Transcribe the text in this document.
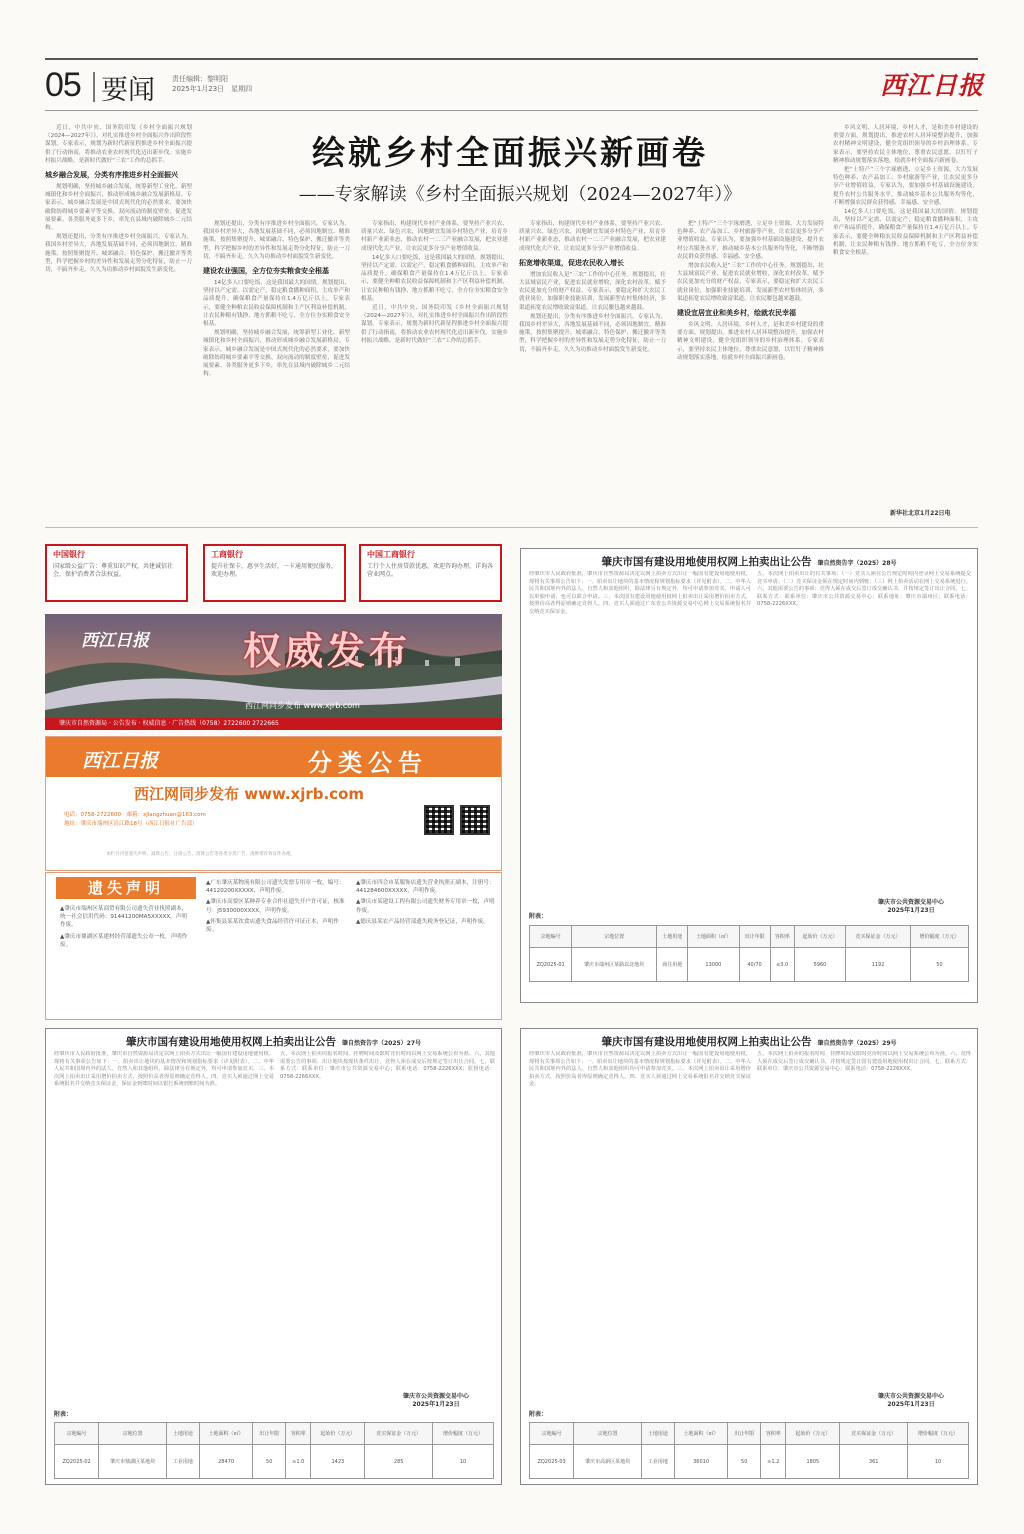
05 要闻 责任编辑：黎明阳
2025年1月23日　星期四	西江日报
绘就乡村全面振兴新画卷
——专家解读《乡村全面振兴规划（2024—2027年）》

近日，中共中央、国务院印发《乡村全面振兴规划（2024—2027年）》，对扎实推进乡村全面振兴作出阶段性谋划。专家表示，规划为新时代新征程推进乡村全面振兴提供了行动指南，将推动农业农村现代化迈出新步伐。实施乡村振兴战略，是新时代做好“三农”工作的总抓手。

城乡融合发展，分类有序推进乡村全面振兴

规划明确，坚持城乡融合发展，统筹新型工业化、新型城镇化和乡村全面振兴，推动形成城乡融合发展新格局。专家表示，城乡融合发展是中国式现代化的必然要求，要加快破除妨碍城乡要素平等交换、双向流动的制度壁垒，促进发展要素、各类服务更多下乡，率先在县域内破除城乡二元结构。

规划还提出，分类有序推进乡村全面振兴。专家认为，我国乡村差异大，各地发展基础不同，必须因地制宜、精准施策，按照集聚提升、城郊融合、特色保护、搬迁撤并等类型，科学把握乡村的差异性和发展走势分化特征，防止一刀切，不搞齐步走，久久为功推动乡村面貌发生新变化。

规划还提出，分类有序推进乡村全面振兴。专家认为，我国乡村差异大，各地发展基础不同，必须因地制宜、精准施策，按照集聚提升、城郊融合、特色保护、搬迁撤并等类型，科学把握乡村的差异性和发展走势分化特征，防止一刀切，不搞齐步走，久久为功推动乡村面貌发生新变化。

建设农业强国，全方位夯实粮食安全根基

14亿多人口要吃饭，这是我国最大的国情。规划提出，坚持以产定需、以需定产，稳定粮食播种面积，主攻单产和品质提升，确保粮食产量保持在1.4万亿斤以上。专家表示，要健全种粮农民收益保障机制和主产区利益补偿机制，让农民种粮有钱挣、地方抓粮不吃亏，全方位夯实粮食安全根基。

规划明确，坚持城乡融合发展，统筹新型工业化、新型城镇化和乡村全面振兴，推动形成城乡融合发展新格局。专家表示，城乡融合发展是中国式现代化的必然要求，要加快破除妨碍城乡要素平等交换、双向流动的制度壁垒，促进发展要素、各类服务更多下乡，率先在县域内破除城乡二元结构。

专家指出，构建现代乡村产业体系，要坚持产业兴农、质量兴农、绿色兴农，因地制宜发展乡村特色产业，培育乡村新产业新业态，推动农村一二三产业融合发展，把农业建成现代化大产业，让农民更多分享产业增值收益。

14亿多人口要吃饭，这是我国最大的国情。规划提出，坚持以产定需、以需定产，稳定粮食播种面积，主攻单产和品质提升，确保粮食产量保持在1.4万亿斤以上。专家表示，要健全种粮农民收益保障机制和主产区利益补偿机制，让农民种粮有钱挣、地方抓粮不吃亏，全方位夯实粮食安全根基。

近日，中共中央、国务院印发《乡村全面振兴规划（2024—2027年）》，对扎实推进乡村全面振兴作出阶段性谋划。专家表示，规划为新时代新征程推进乡村全面振兴提供了行动指南，将推动农业农村现代化迈出新步伐。实施乡村振兴战略，是新时代做好“三农”工作的总抓手。

专家指出，构建现代乡村产业体系，要坚持产业兴农、质量兴农、绿色兴农，因地制宜发展乡村特色产业，培育乡村新产业新业态，推动农村一二三产业融合发展，把农业建成现代化大产业，让农民更多分享产业增值收益。

拓宽增收渠道，促进农民收入增长

增加农民收入是“三农”工作的中心任务。规划提出，壮大县域富民产业，促进农民就业增收，深化农村改革，赋予农民更加充分的财产权益。专家表示，要稳定和扩大农民工就业岗位，加强职业技能培训，发展新型农村集体经济，多渠道拓宽农民增收致富渠道，让农民腰包越来越鼓。

规划还提出，分类有序推进乡村全面振兴。专家认为，我国乡村差异大，各地发展基础不同，必须因地制宜、精准施策，按照集聚提升、城郊融合、特色保护、搬迁撤并等类型，科学把握乡村的差异性和发展走势分化特征，防止一刀切，不搞齐步走，久久为功推动乡村面貌发生新变化。

把“土特产”三个字琢磨透，立足乡土资源，大力发展特色种养、农产品加工、乡村旅游等产业，让农民更多分享产业增值收益。专家认为，要加强乡村基础设施建设，提升农村公共服务水平，推动城乡基本公共服务均等化，不断增强农民群众获得感、幸福感、安全感。

增加农民收入是“三农”工作的中心任务。规划提出，壮大县域富民产业，促进农民就业增收，深化农村改革，赋予农民更加充分的财产权益。专家表示，要稳定和扩大农民工就业岗位，加强职业技能培训，发展新型农村集体经济，多渠道拓宽农民增收致富渠道，让农民腰包越来越鼓。

建设宜居宜业和美乡村，绘就农民幸福

乡风文明、人居环境、乡村人才，是和美乡村建设的重要方面。规划提出，推进农村人居环境整治提升，加强农村精神文明建设，健全党组织领导的乡村治理体系。专家表示，要坚持农民主体地位，尊重农民意愿，以钉钉子精神推动规划落实落地，绘就乡村全面振兴新画卷。

乡风文明、人居环境、乡村人才，是和美乡村建设的重要方面。规划提出，推进农村人居环境整治提升，加强农村精神文明建设，健全党组织领导的乡村治理体系。专家表示，要坚持农民主体地位，尊重农民意愿，以钉钉子精神推动规划落实落地，绘就乡村全面振兴新画卷。

把“土特产”三个字琢磨透，立足乡土资源，大力发展特色种养、农产品加工、乡村旅游等产业，让农民更多分享产业增值收益。专家认为，要加强乡村基础设施建设，提升农村公共服务水平，推动城乡基本公共服务均等化，不断增强农民群众获得感、幸福感、安全感。

14亿多人口要吃饭，这是我国最大的国情。规划提出，坚持以产定需、以需定产，稳定粮食播种面积，主攻单产和品质提升，确保粮食产量保持在1.4万亿斤以上。专家表示，要健全种粮农民收益保障机制和主产区利益补偿机制，让农民种粮有钱挣、地方抓粮不吃亏，全方位夯实粮食安全根基。

新华社北京1月22日电
中国银行
国家级公益广告：尊重知识产权，共建诚信社会，保护消费者合法权益。
工商银行
提升社保卡，惠享生活好，一卡通用便民服务，欢迎办理。
中国工商银行
工行个人住房贷款优惠，欢迎咨询办理，详询各营业网点。
西江日报 权威发布
西江网同步发布 www.xjrb.com
肇庆市自然资源局 · 公告发布 · 权威信息 · 广告热线（0758）2722600 2722665
西江日报	分类公告
西江网同步发布 www.xjrb.com
电话：0758-2722600　邮箱：xjlangzhuan@163.com
地址：肇庆市端州区沿江路18号（西江日报社广告部）
本栏目刊登遗失声明、减资公告、注销公告、清算公告等各类分类广告，请携带有效证件办理。
遗失声明
▲肇庆市端州区某商贸有限公司遗失营业执照副本，统一社会信用代码：91441200MA5XXXXX，声明作废。
▲肇庆市鼎湖区某建材经营部遗失公章一枚，声明作废。
▲广东肇庆某物流有限公司遗失发票专用章一枚，编号：44120200XXXXX，声明作废。
▲肇庆市高要区某种养专业合作社遗失开户许可证，核准号：J5930000XXXX，声明作废。
▲怀集县某某饮食店遗失食品经营许可证正本，声明作废。
▲肇庆市四会市某服饰店遗失营业执照正副本，注册号：441284600XXXXX，声明作废。
▲肇庆市某建设工程有限公司遗失财务专用章一枚，声明作废。
▲德庆县某农产品经营部遗失税务登记证，声明作废。
肇庆市国有建设用地使用权网上拍卖出让公告 肇自然资告字（2025）28号
经肇庆市人民政府批准，肇庆市自然资源局决定以网上拍卖方式出让一幅国有建设用地使用权。现将有关事项公告如下：一、拍卖出让地块的基本情况和规划指标要求（详见附表）。二、中华人民共和国境内外的法人、自然人和其他组织，除法律另有规定外，均可申请参加竞买，申请人可以单独申请，也可以联合申请。三、本次国有建设用地使用权网上拍卖出让采用增价拍卖方式，按照价高者得原则确定竞得人。四、竞买人须通过广东省公共资源交易中心网上交易系统报名并交纳竞买保证金。
五、本次网上拍卖出让的有关事项：（一）竞买人须在公告规定时间内登录网上交易系统提交竞买申请；（二）竞买保证金须在规定时间内到账；（三）网上拍卖活动在网上交易系统进行。六、其他需要公告的事项：竞得人须在成交后签订成交确认书，并按规定签订出让合同。七、联系方式：联系单位：肇庆市公共资源交易中心；联系地址：肇庆市端州区；联系电话：0758-2226XXX。
肇庆市公共资源交易中心
2025年1月23日
附表：
宗地编号	宗地位置	土地用途	土地面积（㎡）	出让年限	容积率	起始价（万元）	竞买保证金（万元）	增价幅度（万元）
ZQ2025-01	肇庆市端州区某路以北地块	商住用地	13000	40/70	≤3.0	5960	1192	50
肇庆市国有建设用地使用权网上拍卖出让公告 肇自然资告字（2025）27号
经肇庆市人民政府批准，肇庆市自然资源局决定以网上拍卖方式出让一幅国有建设用地使用权。现将有关事项公告如下：一、拍卖出让地块的基本情况和规划指标要求（详见附表）。二、中华人民共和国境内外的法人、自然人和其他组织，除法律另有规定外，均可申请参加竞买。三、本次网上拍卖出让采用增价拍卖方式，按照价高者得原则确定竞得人。四、竞买人须通过网上交易系统报名并交纳竞买保证金，保证金到账时间以银行系统到账时间为准。
五、本次网上拍卖的报名时间、挂牌时间及限时竞价时间以网上交易系统公布为准。六、其他需要公告的事项：出让地块按现状条件出让，竞得人须在成交后按规定签订出让合同。七、联系方式：联系单位：肇庆市公共资源交易中心；联系电话：0758-2226XXX；监督电话：0758-2266XXX。
肇庆市公共资源交易中心
2025年1月23日
附表：
宗地编号	宗地位置	土地用途	土地面积（㎡）	出让年限	容积率	起始价（万元）	竞买保证金（万元）	增价幅度（万元）
ZQ2025-02	肇庆市鼎湖区某地块	工业用地	28470	50	≥1.0	1423	285	10
肇庆市国有建设用地使用权网上拍卖出让公告 肇自然资告字（2025）29号
经肇庆市人民政府批准，肇庆市自然资源局决定以网上拍卖方式出让一幅国有建设用地使用权。现将有关事项公告如下：一、拍卖出让地块的基本情况和规划指标要求（详见附表）。二、中华人民共和国境内外的法人、自然人和其他组织均可申请参加竞买。三、本次网上拍卖出让采用增价拍卖方式，按照价高者得原则确定竞得人。四、竞买人须通过网上交易系统报名并交纳竞买保证金。
五、本次网上拍卖的报名时间、挂牌时间及限时竞价时间以网上交易系统公布为准。六、竞得人须在成交后签订成交确认书，并按规定签订国有建设用地使用权出让合同。七、联系方式：联系单位：肇庆市公共资源交易中心；联系电话：0758-2226XXX。
肇庆市公共资源交易中心
2025年1月23日
附表：
宗地编号	宗地位置	土地用途	土地面积（㎡）	出让年限	容积率	起始价（万元）	竞买保证金（万元）	增价幅度（万元）
ZQ2025-03	肇庆市高新区某地块	工业用地	36010	50	≥1.2	1805	361	10
